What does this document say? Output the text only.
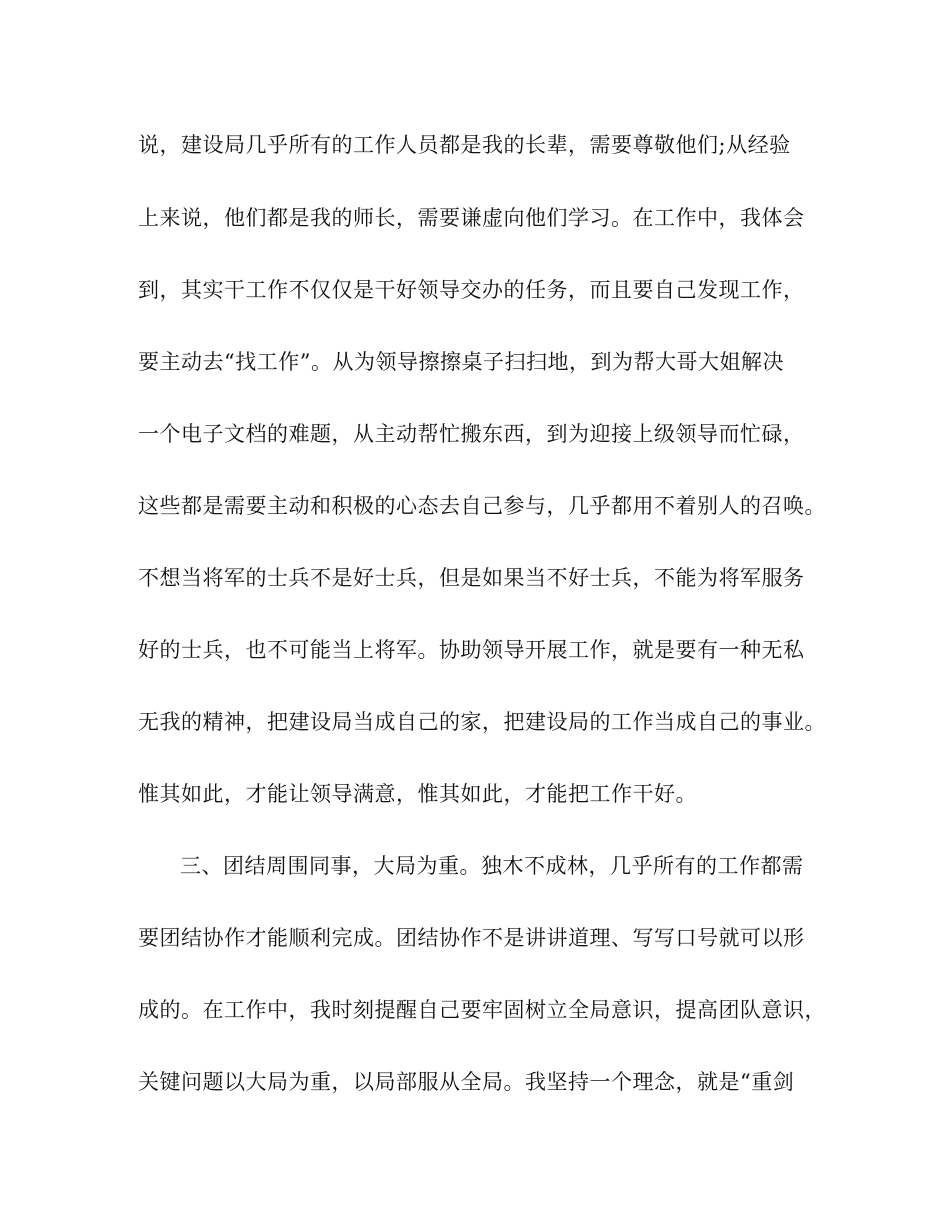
说，建设局几乎所有的工作人员都是我的长辈，需要尊敬他们;从经验
上来说，他们都是我的师长，需要谦虚向他们学习。在工作中，我体会
到，其实干工作不仅仅是干好领导交办的任务，而且要自己发现工作，
要主动去“找工作”。从为领导擦擦桌子扫扫地，到为帮大哥大姐解决
一个电子文档的难题，从主动帮忙搬东西，到为迎接上级领导而忙碌，
这些都是需要主动和积极的心态去自己参与，几乎都用不着别人的召唤。
不想当将军的士兵不是好士兵，但是如果当不好士兵，不能为将军服务
好的士兵，也不可能当上将军。协助领导开展工作，就是要有一种无私
无我的精神，把建设局当成自己的家，把建设局的工作当成自己的事业。
惟其如此，才能让领导满意，惟其如此，才能把工作干好。
三、团结周围同事，大局为重。独木不成林，几乎所有的工作都需
要团结协作才能顺利完成。团结协作不是讲讲道理、写写口号就可以形
成的。在工作中，我时刻提醒自己要牢固树立全局意识，提高团队意识，
关键问题以大局为重，以局部服从全局。我坚持一个理念，就是“重剑
